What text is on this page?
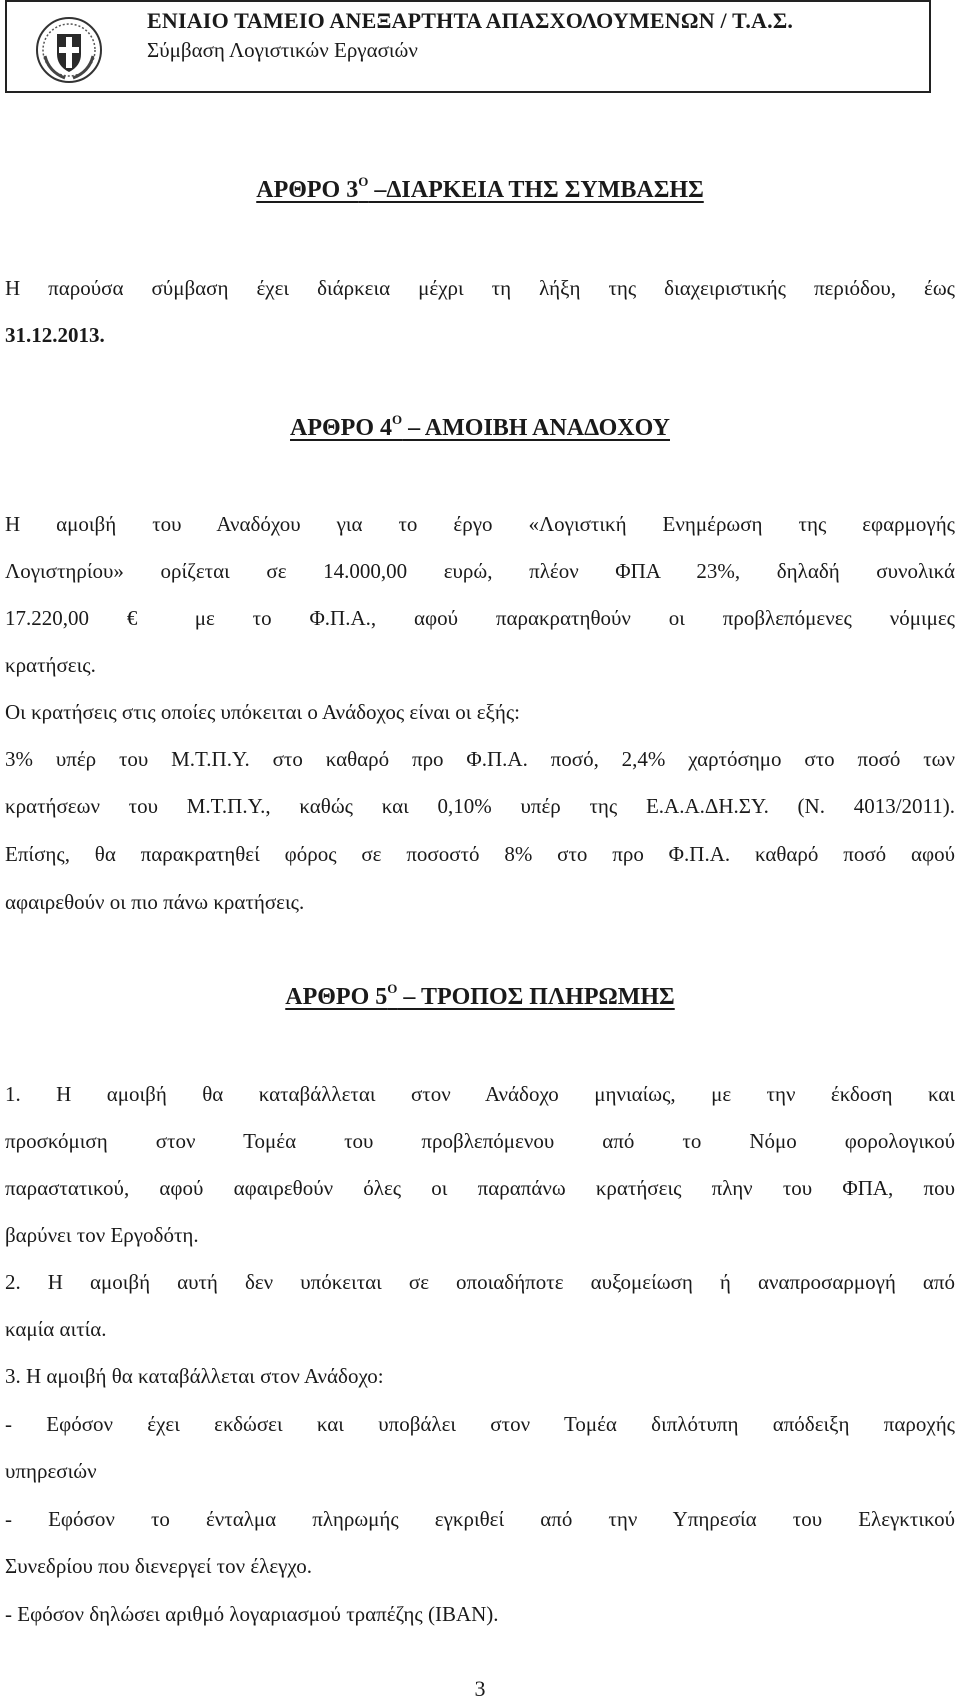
ΕΝΙΑΙΟ ΤΑΜΕΙΟ ΑΝΕΞΑΡΤΗΤΑ ΑΠΑΣΧΟΛΟΥΜΕΝΩΝ / Τ.Α.Σ.
Σύμβαση Λογιστικών Εργασιών
ΑΡΘΡΟ $3^O$ –ΔΙΑΡΚΕΙΑ ΤΗΣ ΣΥΜΒΑΣΗΣ
Η παρούσα σύμβαση έχει διάρκεια μέχρι τη λήξη της διαχειριστικής περιόδου, έως
31.12.2013.
ΑΡΘΡΟ $4^O$ – ΑΜΟΙΒΗ ΑΝΑΔΟΧΟΥ
Η αμοιβή του Αναδόχου για το έργο «Λογιστική Ενημέρωση της εφαρμογής
Λογιστηρίου» ορίζεται σε 14.000,00 ευρώ, πλέον ΦΠΑ 23%, δηλαδή συνολικά
17.220,00 €	με το Φ.Π.Α., αφού παρακρατηθούν οι προβλεπόμενες νόμιμες
κρατήσεις.
Οι κρατήσεις στις οποίες υπόκειται ο Ανάδοχος είναι οι εξής:
3% υπέρ του Μ.Τ.Π.Υ. στο καθαρό προ Φ.Π.Α. ποσό, 2,4% χαρτόσημο στο ποσό των
κρατήσεων του Μ.Τ.Π.Υ., καθώς και 0,10% υπέρ της Ε.Α.Α.ΔΗ.ΣΥ. (Ν. 4013/2011).
Επίσης, θα παρακρατηθεί φόρος σε ποσοστό 8% στο προ Φ.Π.Α. καθαρό ποσό αφού
αφαιρεθούν οι πιο πάνω κρατήσεις.
ΑΡΘΡΟ $5^O$ – ΤΡΟΠΟΣ ΠΛΗΡΩΜΗΣ
1. Η αμοιβή θα καταβάλλεται στον Ανάδοχο μηνιαίως, με την έκδοση και
προσκόμιση στον Τομέα του προβλεπόμενου από το Νόμο φορολογικού
παραστατικού, αφού αφαιρεθούν όλες οι παραπάνω κρατήσεις πλην του ΦΠΑ, που
βαρύνει τον Εργοδότη.
2. Η αμοιβή αυτή δεν υπόκειται σε οποιαδήποτε αυξομείωση ή αναπροσαρμογή από
καμία αιτία.
3. Η αμοιβή θα καταβάλλεται στον Ανάδοχο:
- Εφόσον έχει εκδώσει και υποβάλει στον Τομέα διπλότυπη απόδειξη παροχής
υπηρεσιών
- Εφόσον το ένταλμα πληρωμής εγκριθεί από την Υπηρεσία του Ελεγκτικού
Συνεδρίου που διενεργεί τον έλεγχο.
- Εφόσον δηλώσει αριθμό λογαριασμού τραπέζης (IBAN).
3
